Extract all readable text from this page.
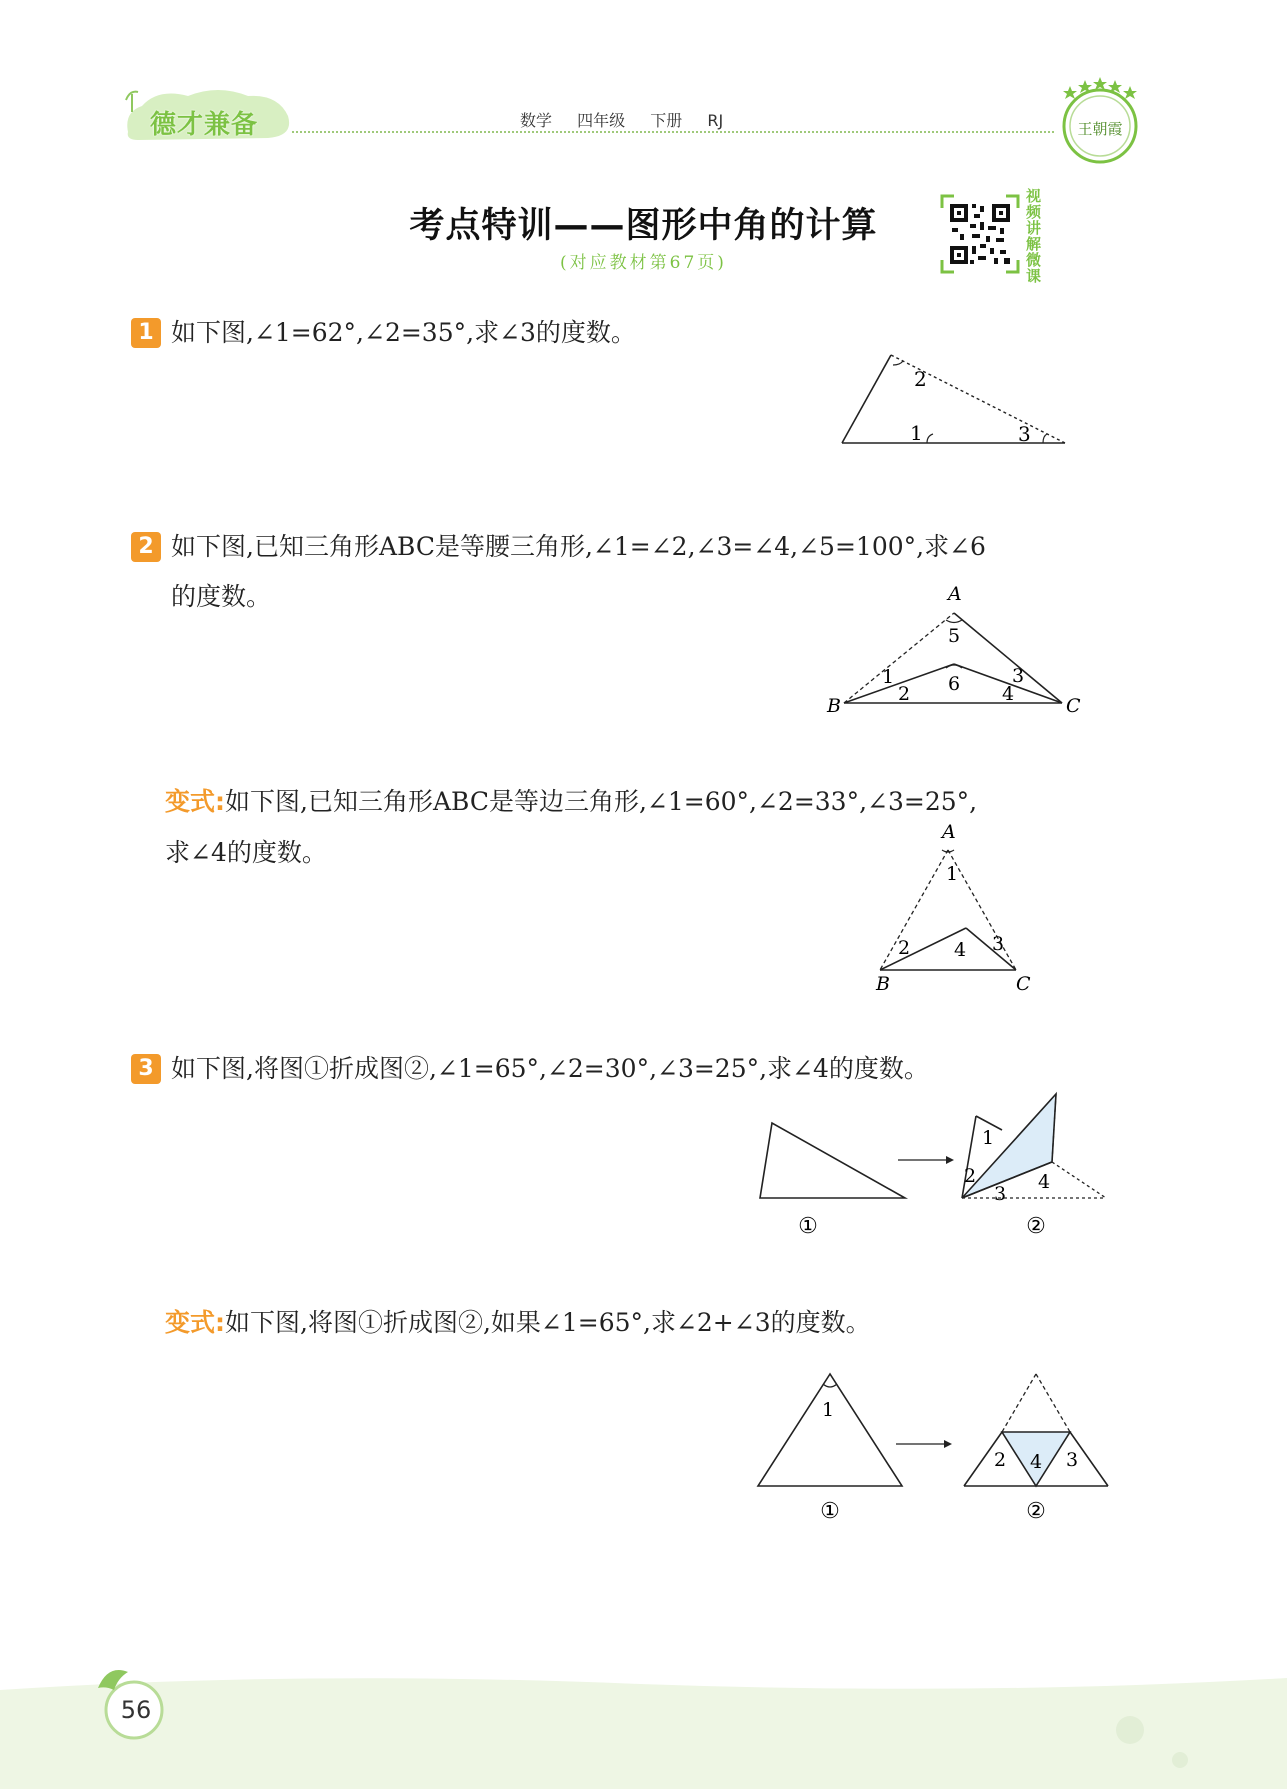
德才兼备	数学 四年级 下册 RJ	王朝霞
考点特训——图形中角的计算
(对应教材第67页)
视频讲解微课
1 如下图,∠1=62°,∠2=35°,求∠3的度数。
2
1	3
2 如下图,已知三角形ABC是等腰三角形,∠1=∠2,∠3=∠4,∠5=100°,求∠6
的度数。	A
B	C
1
2
3
4
5
6
变式:如下图,已知三角形ABC是等边三角形,∠1=60°,∠2=33°,∠3=25°,
求∠4的度数。
A
B	C
1
2	3
4
3 如下图,将图①折成图②,∠1=65°,∠2=30°,∠3=25°,求∠4的度数。
①
1
2
3
4
②
变式:如下图,将图①折成图②,如果∠1=65°,求∠2+∠3的度数。
1
①
2	3
4
②
56
